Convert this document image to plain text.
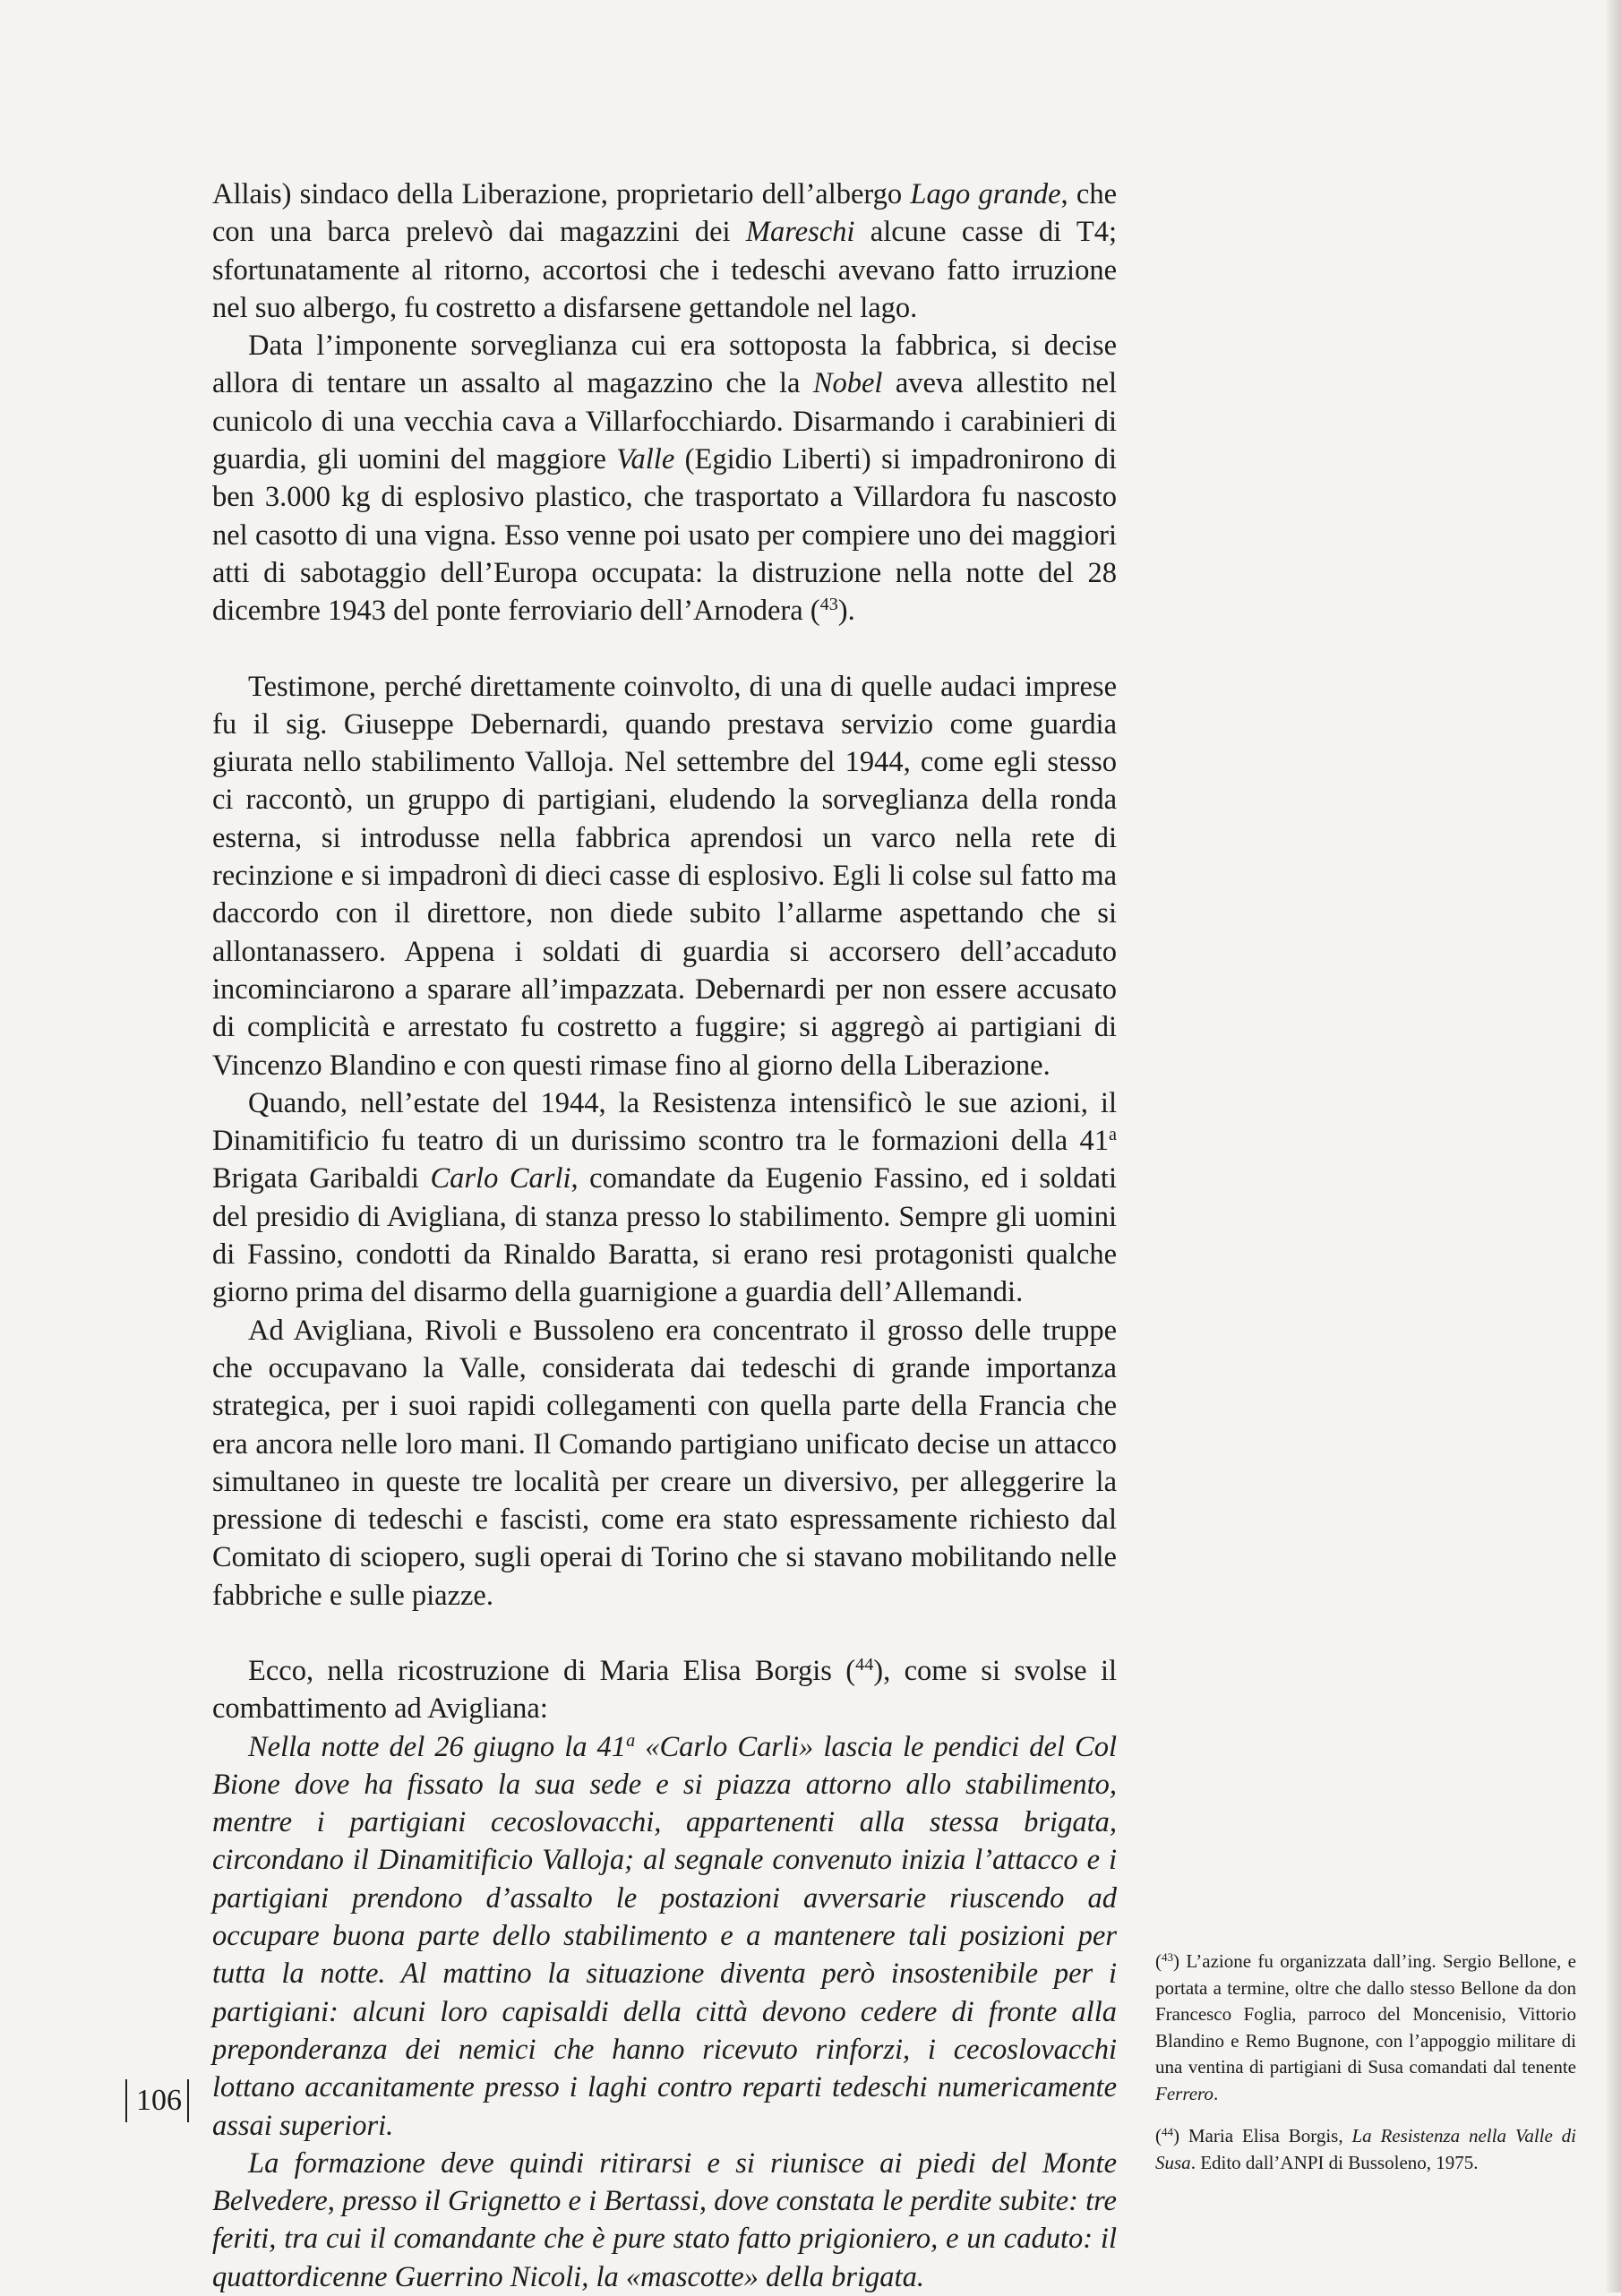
Allais) sindaco della Liberazione, proprietario dell’albergo Lago grande, che con una barca prelevò dai magazzini dei Mareschi alcune casse di T4; sfortunatamente al ritorno, accortosi che i tedeschi avevano fatto irruzione nel suo albergo, fu costretto a disfarsene gettandole nel lago.

Data l’imponente sorveglianza cui era sottoposta la fabbrica, si decise allora di tentare un assalto al magazzino che la Nobel aveva allestito nel cunicolo di una vecchia cava a Villarfocchiardo. Disarmando i carabinieri di guardia, gli uomini del maggiore Valle (Egidio Liberti) si impadronirono di ben 3.000 kg di esplosivo plastico, che trasportato a Villardora fu nascosto nel casotto di una vigna. Esso venne poi usato per compiere uno dei maggiori atti di sabotaggio dell’Europa occupata: la distruzione nella notte del 28 dicembre 1943 del ponte ferroviario dell’Arnodera ($^{43}$).

Testimone, perché direttamente coinvolto, di una di quelle audaci imprese fu il sig. Giuseppe Debernardi, quando prestava servizio come guardia giurata nello stabilimento Valloja. Nel settembre del 1944, come egli stesso ci raccontò, un gruppo di partigiani, eludendo la sorveglianza della ronda esterna, si introdusse nella fabbrica aprendosi un varco nella rete di recinzione e si impadronì di dieci casse di esplosivo. Egli li colse sul fatto ma daccordo con il direttore, non diede subito l’allarme aspettando che si allontanassero. Appena i soldati di guardia si accorsero dell’accaduto incominciarono a sparare all’impazzata. Debernardi per non essere accusato di complicità e arrestato fu costretto a fuggire; si aggregò ai partigiani di Vincenzo Blandino e con questi rimase fino al giorno della Liberazione.

Quando, nell’estate del 1944, la Resistenza intensificò le sue azioni, il Dinamitificio fu teatro di un durissimo scontro tra le formazioni della 41$^a$ Brigata Garibaldi Carlo Carli, comandate da Eugenio Fassino, ed i soldati del presidio di Avigliana, di stanza presso lo stabilimento. Sempre gli uomini di Fassino, condotti da Rinaldo Baratta, si erano resi protagonisti qualche giorno prima del disarmo della guarnigione a guardia dell’Allemandi.

Ad Avigliana, Rivoli e Bussoleno era concentrato il grosso delle truppe che occupavano la Valle, considerata dai tedeschi di grande importanza strategica, per i suoi rapidi collegamenti con quella parte della Francia che era ancora nelle loro mani. Il Comando partigiano unificato decise un attacco simultaneo in queste tre località per creare un diversivo, per alleggerire la pressione di tedeschi e fascisti, come era stato espressamente richiesto dal Comitato di sciopero, sugli operai di Torino che si stavano mobilitando nelle fabbriche e sulle piazze.

Ecco, nella ricostruzione di Maria Elisa Borgis ($^{44}$), come si svolse il combattimento ad Avigliana:

Nella notte del 26 giugno la 41$^a$ «Carlo Carli» lascia le pendici del Col Bione dove ha fissato la sua sede e si piazza attorno allo stabilimento, mentre i partigiani cecoslovacchi, appartenenti alla stessa brigata, circondano il Dinamitificio Valloja; al segnale convenuto inizia l’attacco e i partigiani prendono d’assalto le postazioni avversarie riuscendo ad occupare buona parte dello stabilimento e a mantenere tali posizioni per tutta la notte. Al mattino la situazione diventa però insostenibile per i partigiani: alcuni loro capisaldi della città devono cedere di fronte alla preponderanza dei nemici che hanno ricevuto rinforzi, i cecoslovacchi lottano accanitamente presso i laghi contro reparti tedeschi numericamente assai superiori.

La formazione deve quindi ritirarsi e si riunisce ai piedi del Monte Belvedere, presso il Grignetto e i Bertassi, dove constata le perdite subite: tre feriti, tra cui il comandante che è pure stato fatto prigioniero, e un caduto: il quattordicenne Guerrino Nicoli, la «mascotte» della brigata.

($^{43}$) L’azione fu organizzata dall’ing. Sergio Bellone, e portata a termine, oltre che dallo stesso Bellone da don Francesco Foglia, parroco del Moncenisio, Vittorio Blandino e Remo Bugnone, con l’appoggio militare di una ventina di partigiani di Susa comandati dal tenente Ferrero.

($^{44}$) Maria Elisa Borgis, La Resistenza nella Valle di Susa. Edito dall’ANPI di Bussoleno, 1975.

106
